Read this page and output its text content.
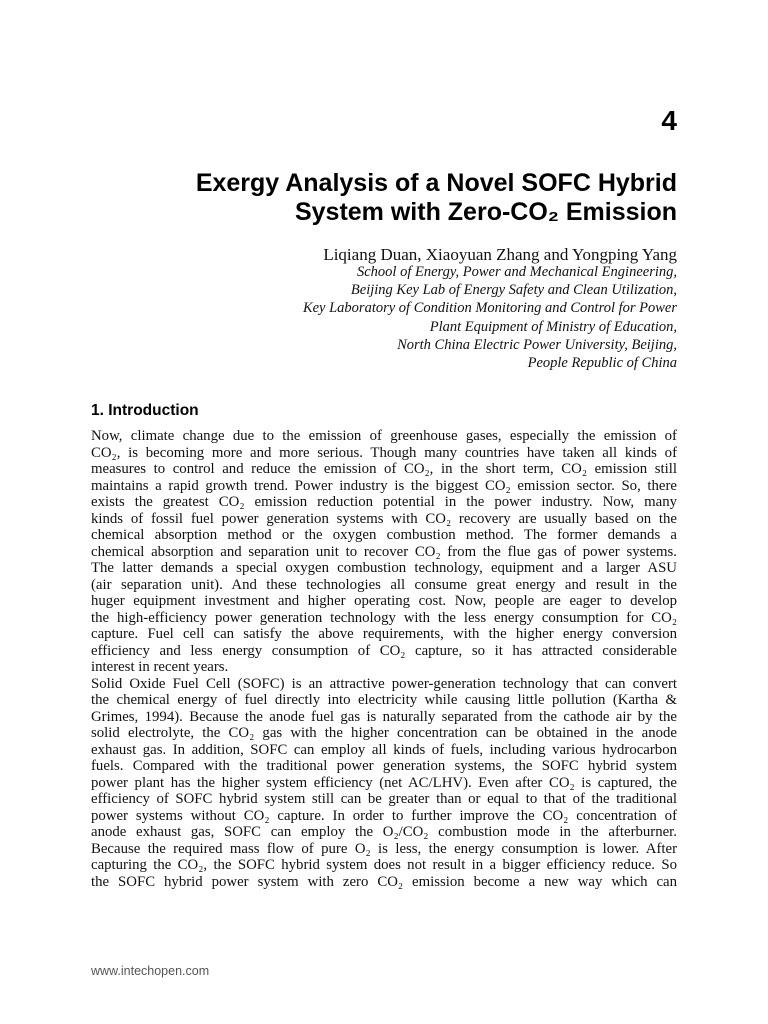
4
Exergy Analysis of a Novel SOFC Hybrid
System with Zero-CO₂ Emission
Liqiang Duan, Xiaoyuan Zhang and Yongping Yang
School of Energy, Power and Mechanical Engineering,
Beijing Key Lab of Energy Safety and Clean Utilization,
Key Laboratory of Condition Monitoring and Control for Power
Plant Equipment of Ministry of Education,
North China Electric Power University, Beijing,
People Republic of China
1. Introduction
Now, climate change due to the emission of greenhouse gases, especially the emission of
CO₂, is becoming more and more serious. Though many countries have taken all kinds of
measures to control and reduce the emission of CO₂, in the short term, CO₂ emission still
maintains a rapid growth trend. Power industry is the biggest CO₂ emission sector. So, there
exists the greatest CO₂ emission reduction potential in the power industry. Now, many
kinds of fossil fuel power generation systems with CO₂ recovery are usually based on the
chemical absorption method or the oxygen combustion method. The former demands a
chemical absorption and separation unit to recover CO₂ from the flue gas of power systems.
The latter demands a special oxygen combustion technology, equipment and a larger ASU
(air separation unit). And these technologies all consume great energy and result in the
huger equipment investment and higher operating cost. Now, people are eager to develop
the high-efficiency power generation technology with the less energy consumption for CO₂
capture. Fuel cell can satisfy the above requirements, with the higher energy conversion
efficiency and less energy consumption of CO₂ capture, so it has attracted considerable
interest in recent years.
Solid Oxide Fuel Cell (SOFC) is an attractive power-generation technology that can convert
the chemical energy of fuel directly into electricity while causing little pollution (Kartha &
Grimes, 1994). Because the anode fuel gas is naturally separated from the cathode air by the
solid electrolyte, the CO₂ gas with the higher concentration can be obtained in the anode
exhaust gas. In addition, SOFC can employ all kinds of fuels, including various hydrocarbon
fuels. Compared with the traditional power generation systems, the SOFC hybrid system
power plant has the higher system efficiency (net AC/LHV). Even after CO₂ is captured, the
efficiency of SOFC hybrid system still can be greater than or equal to that of the traditional
power systems without CO₂ capture. In order to further improve the CO₂ concentration of
anode exhaust gas, SOFC can employ the O₂/CO₂ combustion mode in the afterburner.
Because the required mass flow of pure O₂ is less, the energy consumption is lower. After
capturing the CO₂, the SOFC hybrid system does not result in a bigger efficiency reduce. So
the SOFC hybrid power system with zero CO₂ emission become a new way which can
www.intechopen.com
